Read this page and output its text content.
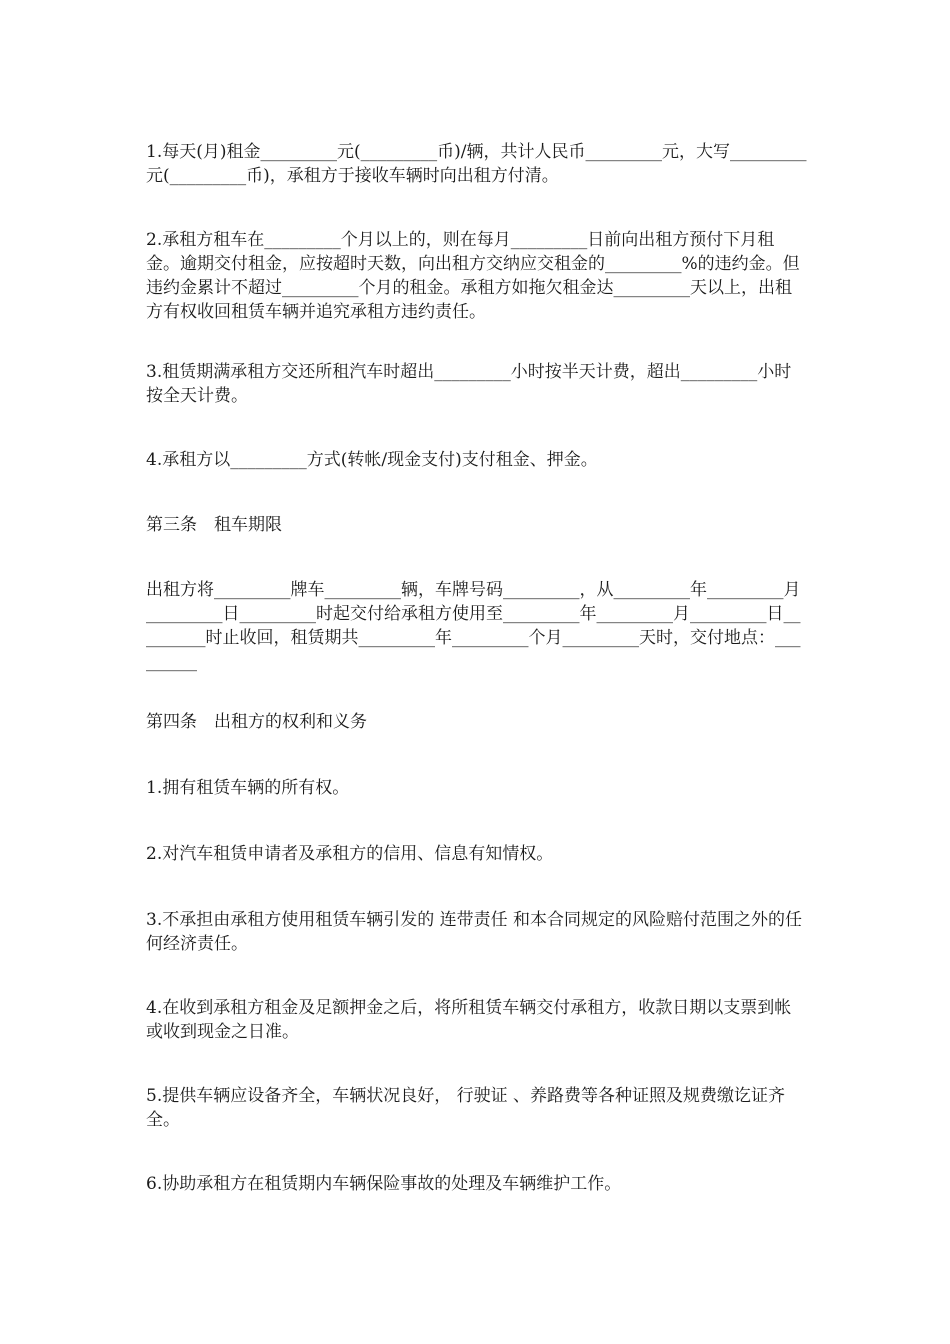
1.每天(月)租金_________元(_________币)/辆，共计人民币_________元，大写_________元(_________币)，承租方于接收车辆时向出租方付清。

2.承租方租车在_________个月以上的，则在每月_________日前向出租方预付下月租金。逾期交付租金，应按超时天数，向出租方交纳应交租金的_________%的违约金。但违约金累计不超过_________个月的租金。承租方如拖欠租金达_________天以上，出租方有权收回租赁车辆并追究承租方违约责任。

3.租赁期满承租方交还所租汽车时超出_________小时按半天计费，超出_________小时按全天计费。

4.承租方以_________方式(转帐/现金支付)支付租金、押金。

第三条　租车期限

出租方将_________牌车_________辆，车牌号码_________，从_________年_________月_________日_________时起交付给承租方使用至_________年_________月_________日_________时止收回，租赁期共_________年_________个月_________天时，交付地点：_________

第四条　出租方的权利和义务

1.拥有租赁车辆的所有权。

2.对汽车租赁申请者及承租方的信用、信息有知情权。

3.不承担由承租方使用租赁车辆引发的 连带责任 和本合同规定的风险赔付范围之外的任何经济责任。

4.在收到承租方租金及足额押金之后，将所租赁车辆交付承租方，收款日期以支票到帐或收到现金之日准。

5.提供车辆应设备齐全，车辆状况良好， 行驶证 、养路费等各种证照及规费缴讫证齐全。

6.协助承租方在租赁期内车辆保险事故的处理及车辆维护工作。
